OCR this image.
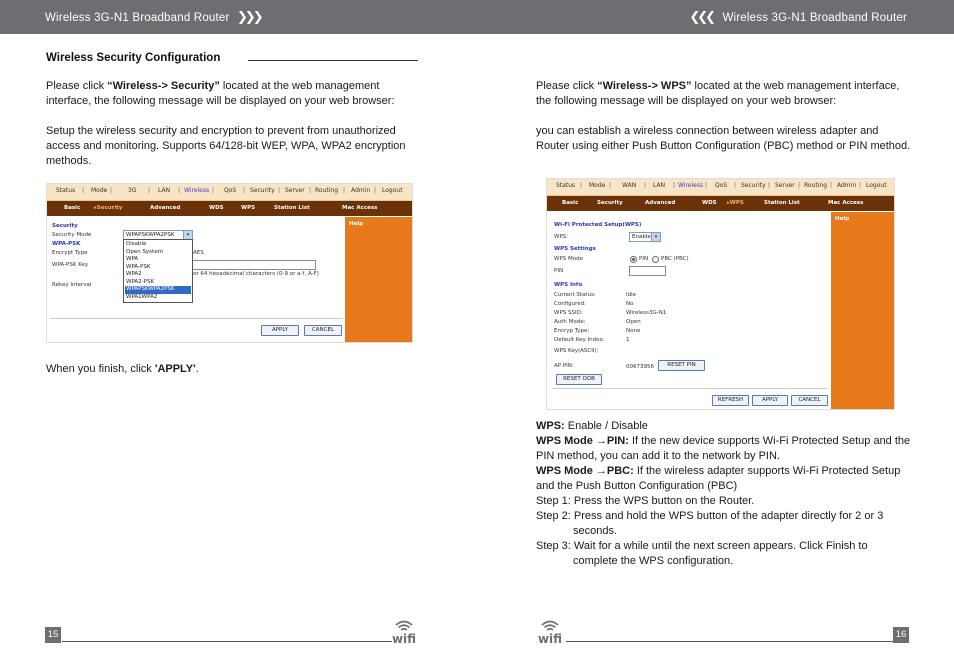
Wireless 3G-N1 Broadband Router ❯❯❯	❮❮❮ Wireless 3G-N1 Broadband Router
Wireless Security Configuration
Please click “Wireless-> Security” located at the web management interface, the following message will be displayed on your web browser:
Setup the wireless security and encryption to prevent from unauthorized access and monitoring. Supports 64/128-bit WEP, WPA, WPA2 encryption methods.
Status | Mode |	3G | LAN | Wireless | QoS | Security | Server | Routing | Admin | Logout
Basic ▸Security	Advanced	WDS	WPS	Station List	Mac Access
Help
Security
Security Mode	WPAPSKWPA2PSK	▾
WPA-PSK
Encrypt Type	AES
WPA-PSK Key
or 64 hexadecimal characters (0-9 or a-f, A-F)
Rekey Interval
Disable
Open System
WPA
WPA-PSK
WPA2
WPA2-PSK
WPAPSKWPA2PSK
WPA1WPA2
APPLY	CANCEL
When you finish, click 'APPLY'.
Please click “Wireless-> WPS” located at the web management interface, the following message will be displayed on your web browser:
you can establish a wireless connection between wireless adapter and Router using either Push Button Configuration (PBC) method or PIN method.
Status | Mode | WAN | LAN | Wireless | QoS | Security | Server | Routing | Admin | Logout
Basic	Security	Advanced	WDS ▸WPS	Station List	Mac Access
Help
Wi-Fi Protected Setup(WPS)
WPS:	Enable ▾
WPS Settings
WPS Mode	PIN PBC (PBC)
PIN
WPS Info
Current Status:	Idle
Configured:	No
WPS SSID:	Wireless3G-N1
Auth Mode:	Open
Encryp Type:	None
Default Key Index:	1
WPS Key(ASCII):
AP PIN:	00673956	RESET PIN
RESET OOB
REFRESH	APPLY	CANCEL
WPS: Enable / Disable
WPS Mode →PIN: If the new device supports Wi-Fi Protected Setup and the PIN method, you can add it to the network by PIN.
WPS Mode →PBC: If the wireless adapter supports Wi-Fi Protected Setup and the Push Button Configuration (PBC)
Step 1: Press the WPS button on the Router.
Step 2: Press and hold the WPS button of the adapter directly for 2 or 3
seconds.
Step 3: Wait for a while until the next screen appears. Click Finish to
complete the WPS configuration.
15	wifi	wifi	16
